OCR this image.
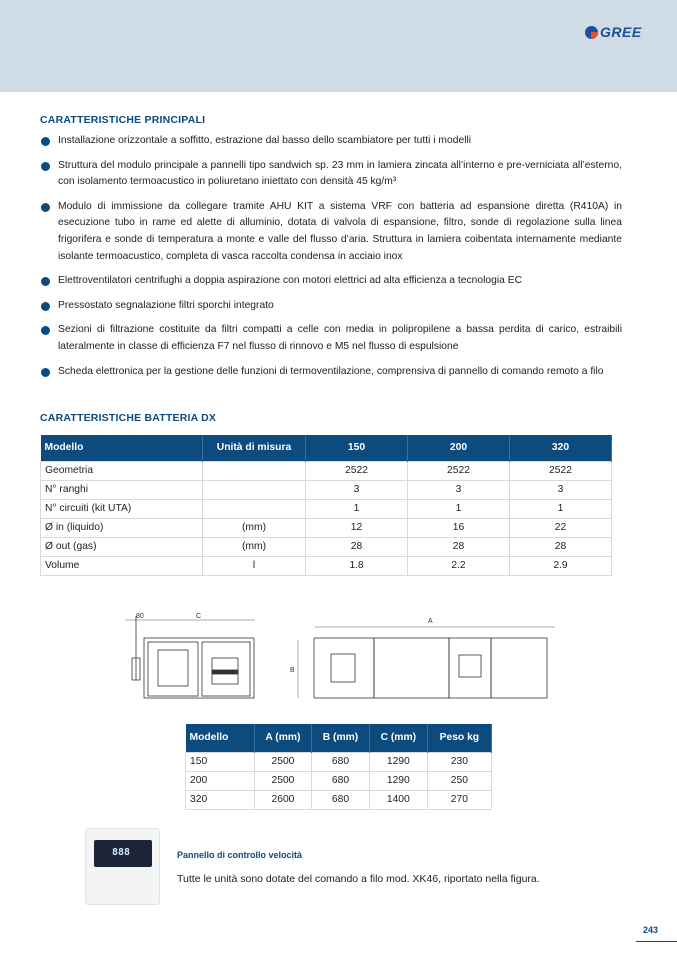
GREE
CARATTERISTICHE PRINCIPALI
Installazione orizzontale a soffitto, estrazione dal basso dello scambiatore per tutti i modelli
Struttura del modulo principale a pannelli tipo sandwich sp. 23 mm in lamiera zincata all’interno e pre-verniciata all’esterno, con isolamento termoacustico in poliuretano iniettato con densità 45 kg/m³
Modulo di immissione da collegare tramite AHU KIT a sistema VRF con batteria ad espansione diretta (R410A) in esecuzione tubo in rame ed alette di alluminio, dotata di valvola di espansione, filtro, sonde di regolazione sulla linea frigorifera e sonde di temperatura a monte e valle del flusso d’aria. Struttura in lamiera coibentata internamente mediante isolante termoacustico, completa di vasca raccolta condensa in acciaio inox
Elettroventilatori centrifughi a doppia aspirazione con motori elettrici ad alta efficienza a tecnologia EC
Pressostato segnalazione filtri sporchi integrato
Sezioni di filtrazione costituite da filtri compatti a celle con media in polipropilene a bassa perdita di carico, estraibili lateralmente in classe di efficienza F7 nel flusso di rinnovo e M5 nel flusso di espulsione
Scheda elettronica per la gestione delle funzioni di termoventilazione, comprensiva di pannello di comando remoto a filo
CARATTERISTICHE BATTERIA DX
Modello	Unità di misura	150	200	320
Geometria		2522	2522	2522
N° ranghi		3	3	3
N° circuiti (kit UTA)		1	1	1
Ø in (liquido)	(mm)	12	16	22
Ø out (gas)	(mm)	28	28	28
Volume	l	1.8	2.2	2.9
80	C
A
B
Modello	A (mm)	B (mm)	C (mm)	Peso kg
150	2500	680	1290	230
200	2500	680	1290	250
320	2600	680	1400	270
888	Pannello di controllo velocità
Tutte le unità sono dotate del comando a filo mod. XK46, riportato nella figura.
243
